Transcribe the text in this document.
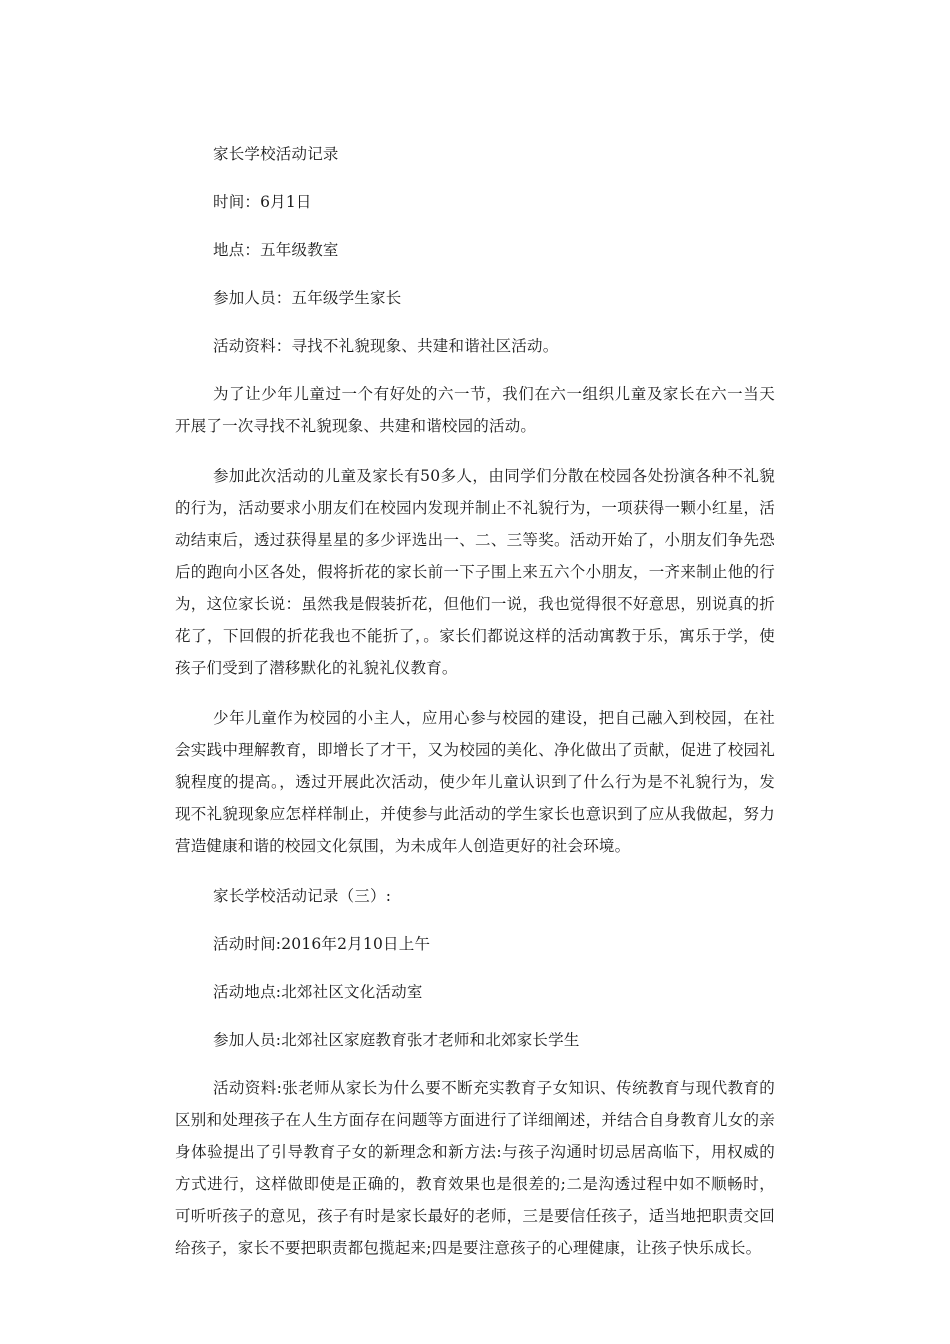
家长学校活动记录

时间：6月1日

地点：五年级教室

参加人员：五年级学生家长

活动资料：寻找不礼貌现象、共建和谐社区活动。

为了让少年儿童过一个有好处的六一节，我们在六一组织儿童及家长在六一当天开展了一次寻找不礼貌现象、共建和谐校园的活动。

参加此次活动的儿童及家长有50多人，由同学们分散在校园各处扮演各种不礼貌的行为，活动要求小朋友们在校园内发现并制止不礼貌行为，一项获得一颗小红星，活动结束后，透过获得星星的多少评选出一、二、三等奖。活动开始了，小朋友们争先恐后的跑向小区各处，假将折花的家长前一下子围上来五六个小朋友，一齐来制止他的行为，这位家长说：虽然我是假装折花，但他们一说，我也觉得很不好意思，别说真的折花了，下回假的折花我也不能折了，。家长们都说这样的活动寓教于乐，寓乐于学，使孩子们受到了潜移默化的礼貌礼仪教育。

少年儿童作为校园的小主人，应用心参与校园的建设，把自己融入到校园，在社会实践中理解教育，即增长了才干，又为校园的美化、净化做出了贡献，促进了校园礼貌程度的提高。，透过开展此次活动，使少年儿童认识到了什么行为是不礼貌行为，发现不礼貌现象应怎样样制止，并使参与此活动的学生家长也意识到了应从我做起，努力营造健康和谐的校园文化氛围，为未成年人创造更好的社会环境。

家长学校活动记录（三）:

活动时间:2016年2月10日上午

活动地点:北郊社区文化活动室

参加人员:北郊社区家庭教育张才老师和北郊家长学生

活动资料:张老师从家长为什么要不断充实教育子女知识、传统教育与现代教育的区别和处理孩子在人生方面存在问题等方面进行了详细阐述，并结合自身教育儿女的亲身体验提出了引导教育子女的新理念和新方法:与孩子沟通时切忌居高临下，用权威的方式进行，这样做即使是正确的，教育效果也是很差的;二是沟透过程中如不顺畅时，可听听孩子的意见，孩子有时是家长最好的老师，三是要信任孩子，适当地把职责交回给孩子，家长不要把职责都包揽起来;四是要注意孩子的心理健康，让孩子快乐成长。
